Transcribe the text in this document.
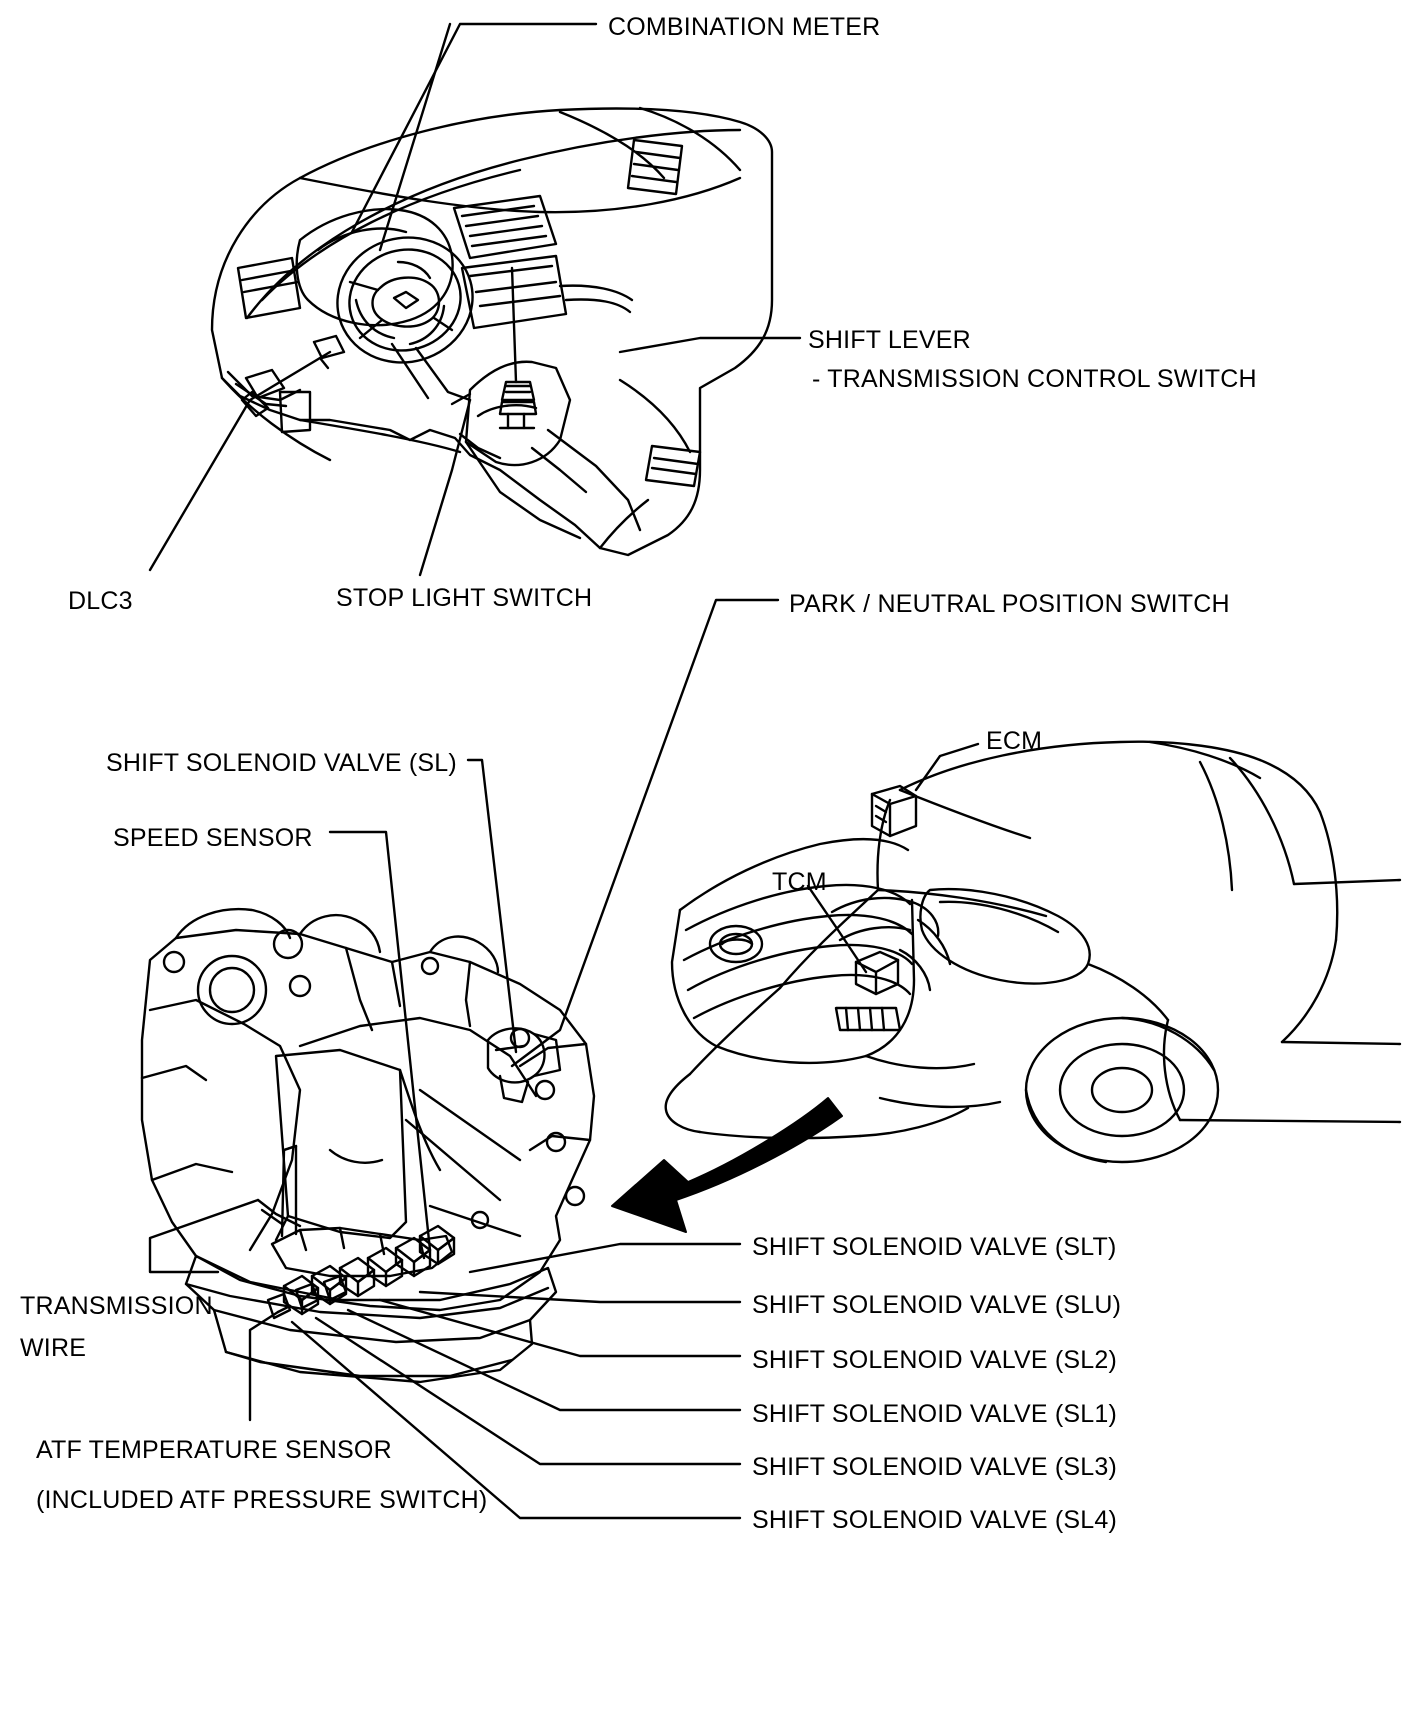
COMBINATION METER
SHIFT LEVER
- TRANSMISSION CONTROL SWITCH
DLC3	STOP LIGHT SWITCH	PARK / NEUTRAL POSITION SWITCH
ECM
SHIFT SOLENOID VALVE (SL)
TCM
SPEED SENSOR
SHIFT SOLENOID VALVE (SLT)
SHIFT SOLENOID VALVE (SLU)
TRANSMISSION
SHIFT SOLENOID VALVE (SL2)
WIRE
SHIFT SOLENOID VALVE (SL1)
SHIFT SOLENOID VALVE (SL3)
ATF TEMPERATURE SENSOR
(INCLUDED ATF PRESSURE SWITCH)
SHIFT SOLENOID VALVE (SL4)
